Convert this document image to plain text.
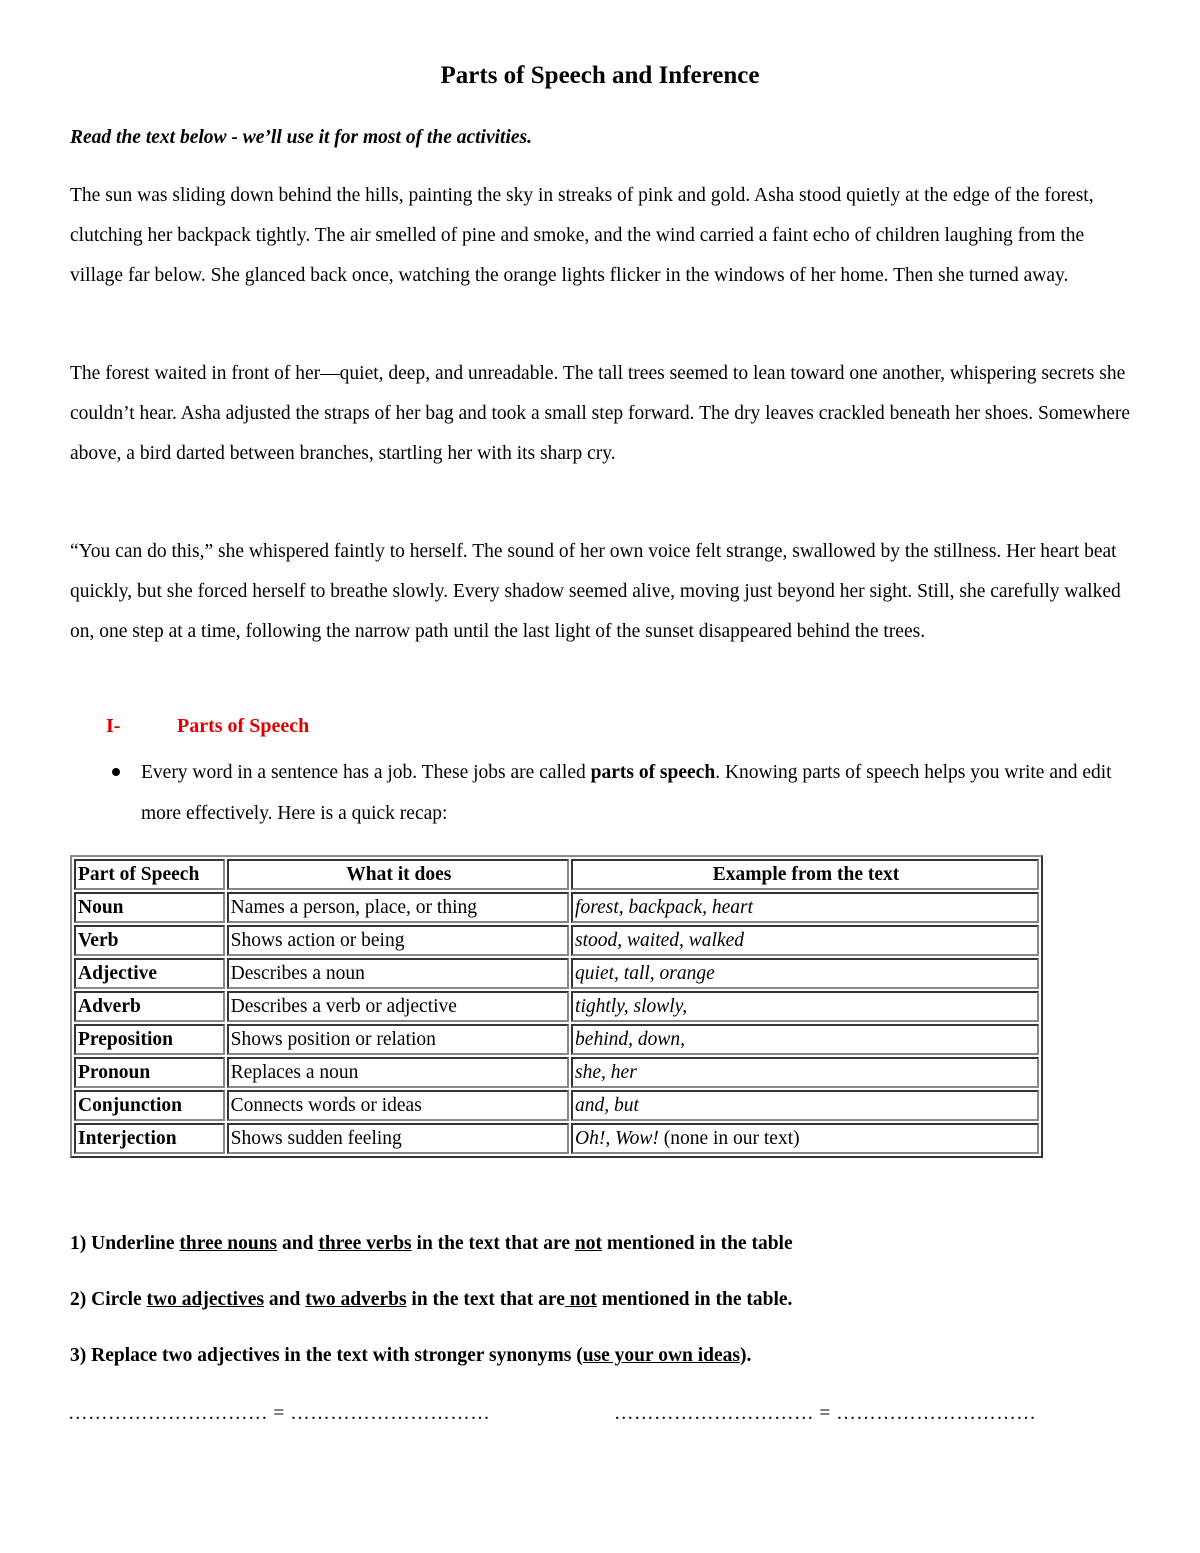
Parts of Speech and Inference
Read the text below - we’ll use it for most of the activities.

The sun was sliding down behind the hills, painting the sky in streaks of pink and gold. Asha stood quietly at the edge of the forest, clutching her backpack tightly. The air smelled of pine and smoke, and the wind carried a faint echo of children laughing from the village far below. She glanced back once, watching the orange lights flicker in the windows of her home. Then she turned away.

The forest waited in front of her—quiet, deep, and unreadable. The tall trees seemed to lean toward one another, whispering secrets she couldn’t hear. Asha adjusted the straps of her bag and took a small step forward. The dry leaves crackled beneath her shoes. Somewhere above, a bird darted between branches, startling her with its sharp cry.

“You can do this,” she whispered faintly to herself. The sound of her own voice felt strange, swallowed by the stillness. Her heart beat quickly, but she forced herself to breathe slowly. Every shadow seemed alive, moving just beyond her sight. Still, she carefully walked on, one step at a time, following the narrow path until the last light of the sunset disappeared behind the trees.

I-	Parts of Speech

Every word in a sentence has a job. These jobs are called parts of speech. Knowing parts of speech helps you write and edit more effectively. Here is a quick recap:

Part of Speech	What it does	Example from the text
Noun	Names a person, place, or thing	forest, backpack, heart
Verb	Shows action or being	stood, waited, walked
Adjective	Describes a noun	quiet, tall, orange
Adverb	Describes a verb or adjective	tightly, slowly,
Preposition	Shows position or relation	behind, down,
Pronoun	Replaces a noun	she, her
Conjunction	Connects words or ideas	and, but
Interjection	Shows sudden feeling	Oh!, Wow! (none in our text)
1) Underline three nouns and three verbs in the text that are not mentioned in the table
2) Circle two adjectives and two adverbs in the text that are not mentioned in the table.
3) Replace two adjectives in the text with stronger synonyms (use your own ideas).
………………………… = …………………………	………………………… = …………………………
